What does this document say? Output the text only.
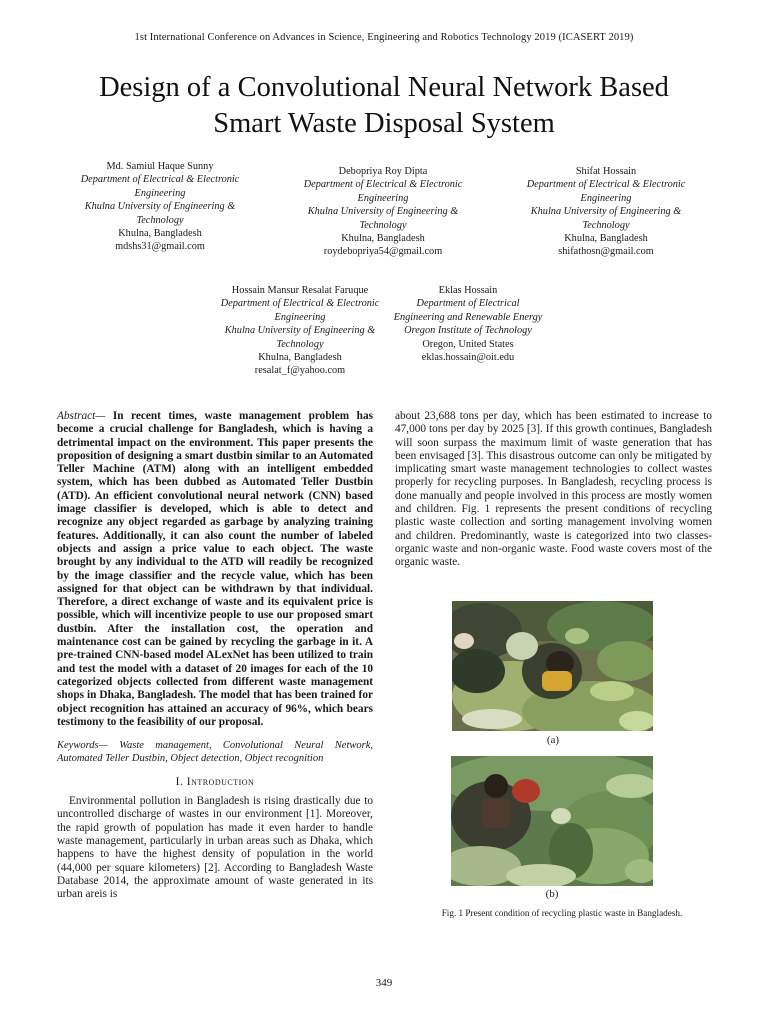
1st International Conference on Advances in Science, Engineering and Robotics Technology 2019 (ICASERT 2019)
Design of a Convolutional Neural Network Based
Smart Waste Disposal System
Md. Samiul Haque Sunny
Department of Electrical & Electronic Engineering
Khulna University of Engineering & Technology
Khulna, Bangladesh
mdshs31@gmail.com
Debopriya Roy Dipta
Department of Electrical & Electronic Engineering
Khulna University of Engineering & Technology
Khulna, Bangladesh
roydebopriya54@gmail.com
Shifat Hossain
Department of Electrical & Electronic Engineering
Khulna University of Engineering & Technology
Khulna, Bangladesh
shifathosn@gmail.com
Hossain Mansur Resalat Faruque
Department of Electrical & Electronic Engineering
Khulna University of Engineering & Technology
Khulna, Bangladesh
resalat_f@yahoo.com
Eklas Hossain
Department of Electrical Engineering and Renewable Energy
Oregon Institute of Technology
Oregon, United States
eklas.hossain@oit.edu
Abstract— In recent times, waste management problem has become a crucial challenge for Bangladesh, which is having a detrimental impact on the environment. This paper presents the proposition of designing a smart dustbin similar to an Automated Teller Machine (ATM) along with an intelligent embedded system, which has been dubbed as Automated Teller Dustbin (ATD). An efficient convolutional neural network (CNN) based image classifier is developed, which is able to detect and recognize any object regarded as garbage by analyzing training features. Additionally, it can also count the number of labeled objects and assign a price value to each object. The waste brought by any individual to the ATD will readily be recognized by the image classifier and the recycle value, which has been assigned for that object can be withdrawn by that individual. Therefore, a direct exchange of waste and its equivalent price is possible, which will incentivize people to use our proposed smart dustbin. After the installation cost, the operation and maintenance cost can be gained by recycling the garbage in it. A pre-trained CNN-based model ALexNet has been utilized to train and test the model with a dataset of 20 images for each of the 10 categorized objects collected from different waste management shops in Dhaka, Bangladesh. The model that has been trained for object recognition has attained an accuracy of 96%, which bears testimony to the feasibility of our proposal.
Keywords— Waste management, Convolutional Neural Network, Automated Teller Dustbin, Object detection, Object recognition
I. Introduction
Environmental pollution in Bangladesh is rising drastically due to uncontrolled discharge of wastes in our environment [1]. Moreover, the rapid growth of population has made it even harder to handle waste management, particularly in urban areas such as Dhaka, which happens to have the highest density of population in the world (44,000 per square kilometers) [2]. According to Bangladesh Waste Database 2014, the approximate amount of waste generated in its urban areis is
about 23,688 tons per day, which has been estimated to increase to 47,000 tons per day by 2025 [3]. If this growth continues, Bangladesh will soon surpass the maximum limit of waste generation that has been envisaged [3]. This disastrous outcome can only be mitigated by implicating smart waste management technologies to collect wastes properly for recycling purposes. In Bangladesh, recycling process is done manually and people involved in this process are mostly women and children. Fig. 1 represents the present conditions of recycling plastic waste collection and sorting management involving women and children. Predominantly, waste is categorized into two classes-organic waste and non-organic waste. Food waste covers most of the organic waste.
(a)
(b)
Fig. 1 Present condition of recycling plastic waste in Bangladesh.
349
